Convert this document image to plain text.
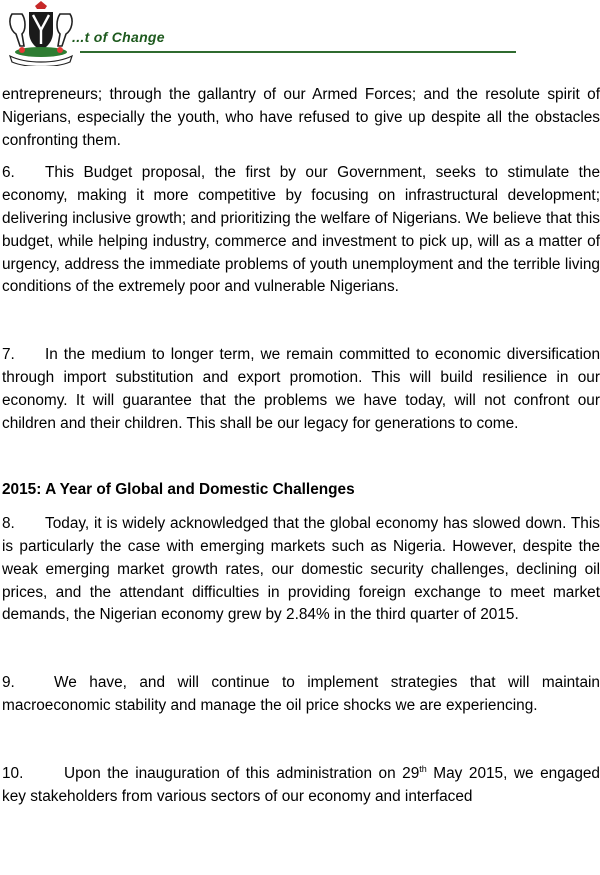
...t of Change

entrepreneurs; through the gallantry of our Armed Forces; and the resolute spirit of Nigerians, especially the youth, who have refused to give up despite all the obstacles confronting them.

6. This Budget proposal, the first by our Government, seeks to stimulate the economy, making it more competitive by focusing on infrastructural development; delivering inclusive growth; and prioritizing the welfare of Nigerians. We believe that this budget, while helping industry, commerce and investment to pick up, will as a matter of urgency, address the immediate problems of youth unemployment and the terrible living conditions of the extremely poor and vulnerable Nigerians.

7. In the medium to longer term, we remain committed to economic diversification through import substitution and export promotion. This will build resilience in our economy. It will guarantee that the problems we have today, will not confront our children and their children. This shall be our legacy for generations to come.

2015: A Year of Global and Domestic Challenges

8. Today, it is widely acknowledged that the global economy has slowed down. This is particularly the case with emerging markets such as Nigeria. However, despite the weak emerging market growth rates, our domestic security challenges, declining oil prices, and the attendant difficulties in providing foreign exchange to meet market demands, the Nigerian economy grew by 2.84% in the third quarter of 2015.

9.	We have, and will continue to implement strategies that will maintain macroeconomic stability and manage the oil price shocks we are experiencing.

10.	Upon the inauguration of this administration on 29th May 2015, we engaged key stakeholders from various sectors of our economy and interfaced
